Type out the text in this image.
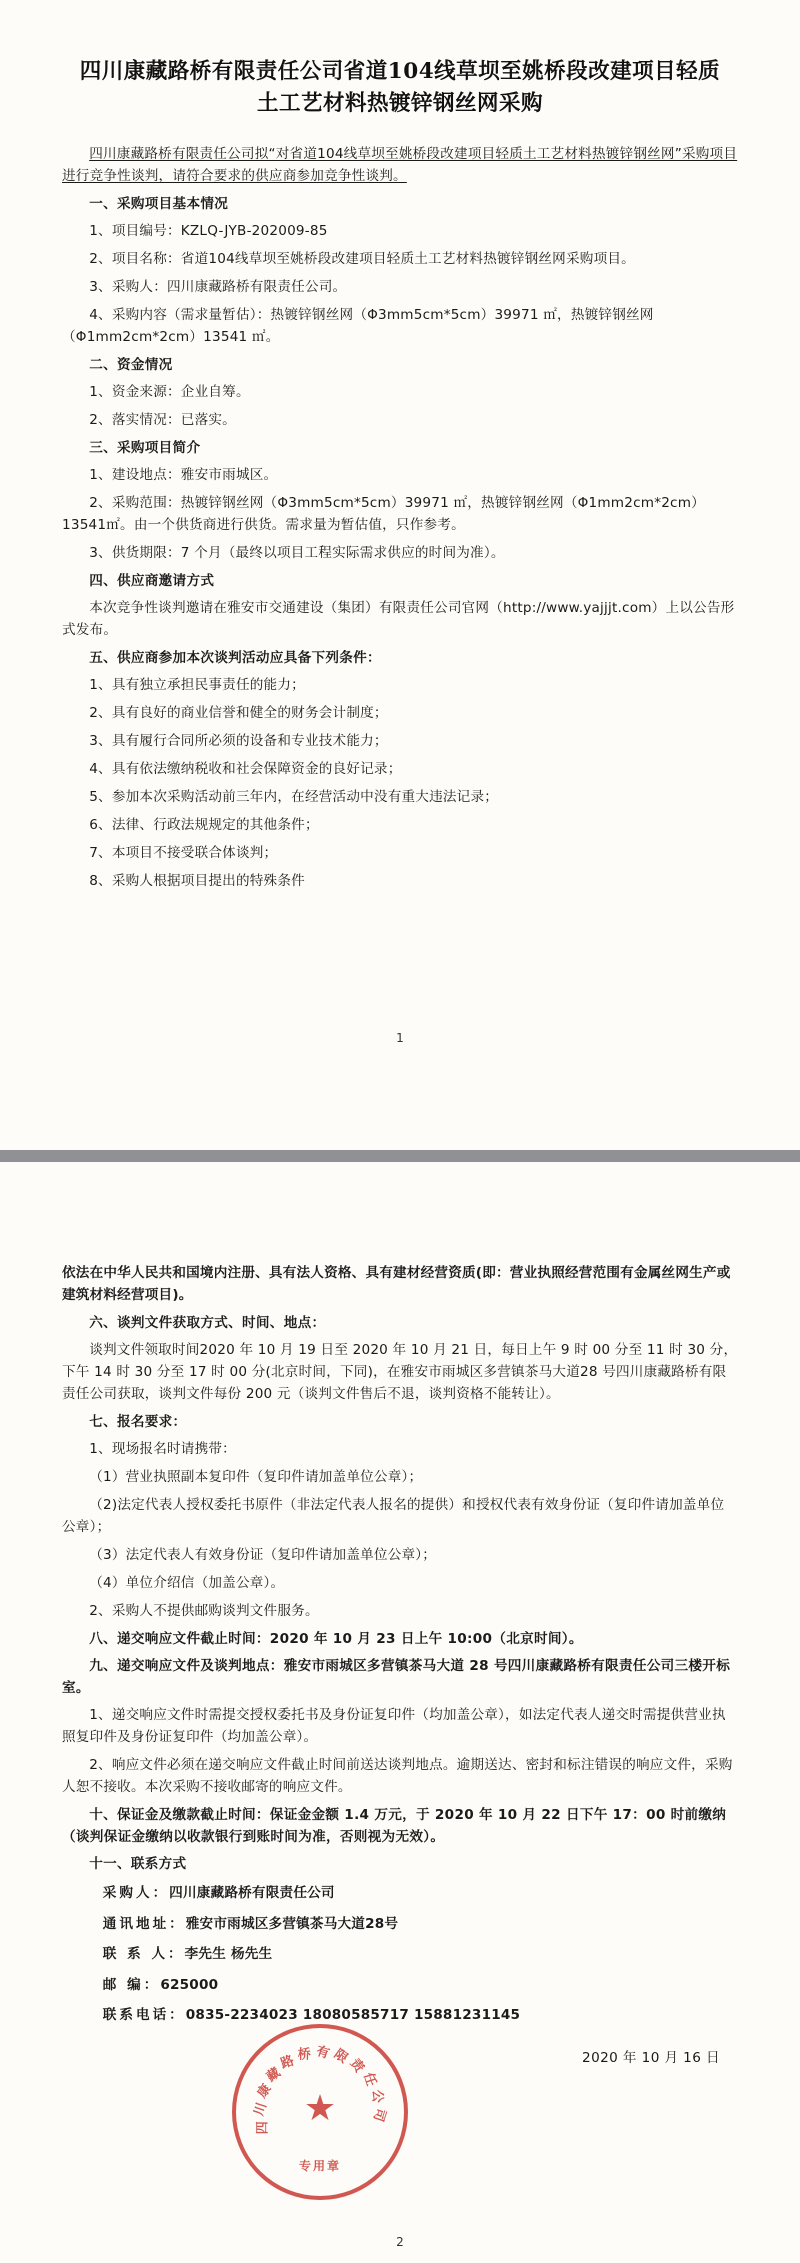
四川康藏路桥有限责任公司省道104线草坝至姚桥段改建项目轻质土工艺材料热镀锌钢丝网采购

四川康藏路桥有限责任公司拟“对省道104线草坝至姚桥段改建项目轻质土工艺材料热镀锌钢丝网”采购项目进行竞争性谈判，请符合要求的供应商参加竞争性谈判。

一、采购项目基本情况

1、项目编号：KZLQ-JYB-202009-85

2、项目名称：省道104线草坝至姚桥段改建项目轻质土工艺材料热镀锌钢丝网采购项目。

3、采购人：四川康藏路桥有限责任公司。

4、采购内容（需求量暂估）：热镀锌钢丝网（Φ3mm5cm*5cm）39971 ㎡，热镀锌钢丝网（Φ1mm2cm*2cm）13541 ㎡。

二、资金情况

1、资金来源：企业自筹。

2、落实情况：已落实。

三、采购项目简介

1、建设地点：雅安市雨城区。

2、采购范围：热镀锌钢丝网（Φ3mm5cm*5cm）39971 ㎡，热镀锌钢丝网（Φ1mm2cm*2cm）13541㎡。由一个供货商进行供货。需求量为暂估值，只作参考。

3、供货期限：7 个月（最终以项目工程实际需求供应的时间为准）。

四、供应商邀请方式

本次竞争性谈判邀请在雅安市交通建设（集团）有限责任公司官网（http://www.yajjjt.com）上以公告形式发布。

五、供应商参加本次谈判活动应具备下列条件：

1、具有独立承担民事责任的能力；

2、具有良好的商业信誉和健全的财务会计制度；

3、具有履行合同所必须的设备和专业技术能力；

4、具有依法缴纳税收和社会保障资金的良好记录；

5、参加本次采购活动前三年内，在经营活动中没有重大违法记录；

6、法律、行政法规规定的其他条件；

7、本项目不接受联合体谈判；

8、采购人根据项目提出的特殊条件

1
四
川
康
藏
路 桥 有 限
责
任
公
司
★
专用章

依法在中华人民共和国境内注册、具有法人资格、具有建材经营资质(即：营业执照经营范围有金属丝网生产或建筑材料经营项目)。

六、谈判文件获取方式、时间、地点：

谈判文件领取时间2020 年 10 月 19 日至 2020 年 10 月 21 日，每日上午 9 时 00 分至 11 时 30 分，下午 14 时 30 分至 17 时 00 分(北京时间，下同)，在雅安市雨城区多营镇茶马大道28 号四川康藏路桥有限责任公司获取，谈判文件每份 200 元（谈判文件售后不退，谈判资格不能转让）。

七、报名要求：

1、现场报名时请携带：

（1）营业执照副本复印件（复印件请加盖单位公章）；

（2)法定代表人授权委托书原件（非法定代表人报名的提供）和授权代表有效身份证（复印件请加盖单位公章）；

（3）法定代表人有效身份证（复印件请加盖单位公章）；

（4）单位介绍信（加盖公章）。

2、采购人不提供邮购谈判文件服务。

八、递交响应文件截止时间：2020 年 10 月 23 日上午 10:00（北京时间）。

九、递交响应文件及谈判地点：雅安市雨城区多营镇茶马大道 28 号四川康藏路桥有限责任公司三楼开标室。

1、递交响应文件时需提交授权委托书及身份证复印件（均加盖公章），如法定代表人递交时需提供营业执照复印件及身份证复印件（均加盖公章）。

2、响应文件必须在递交响应文件截止时间前送达谈判地点。逾期送达、密封和标注错误的响应文件，采购人恕不接收。本次采购不接收邮寄的响应文件。

十、保证金及缴款截止时间：保证金金额 1.4 万元，于 2020 年 10 月 22 日下午 17：00 时前缴纳（谈判保证金缴纳以收款银行到账时间为准，否则视为无效）。

十一、联系方式

采购人：四川康藏路桥有限责任公司

通讯地址：雅安市雨城区多营镇茶马大道28号

联 系 人：李先生 杨先生

邮 编：625000

联系电话：0835-2234023 18080585717 15881231145

2020 年 10 月 16 日
2
